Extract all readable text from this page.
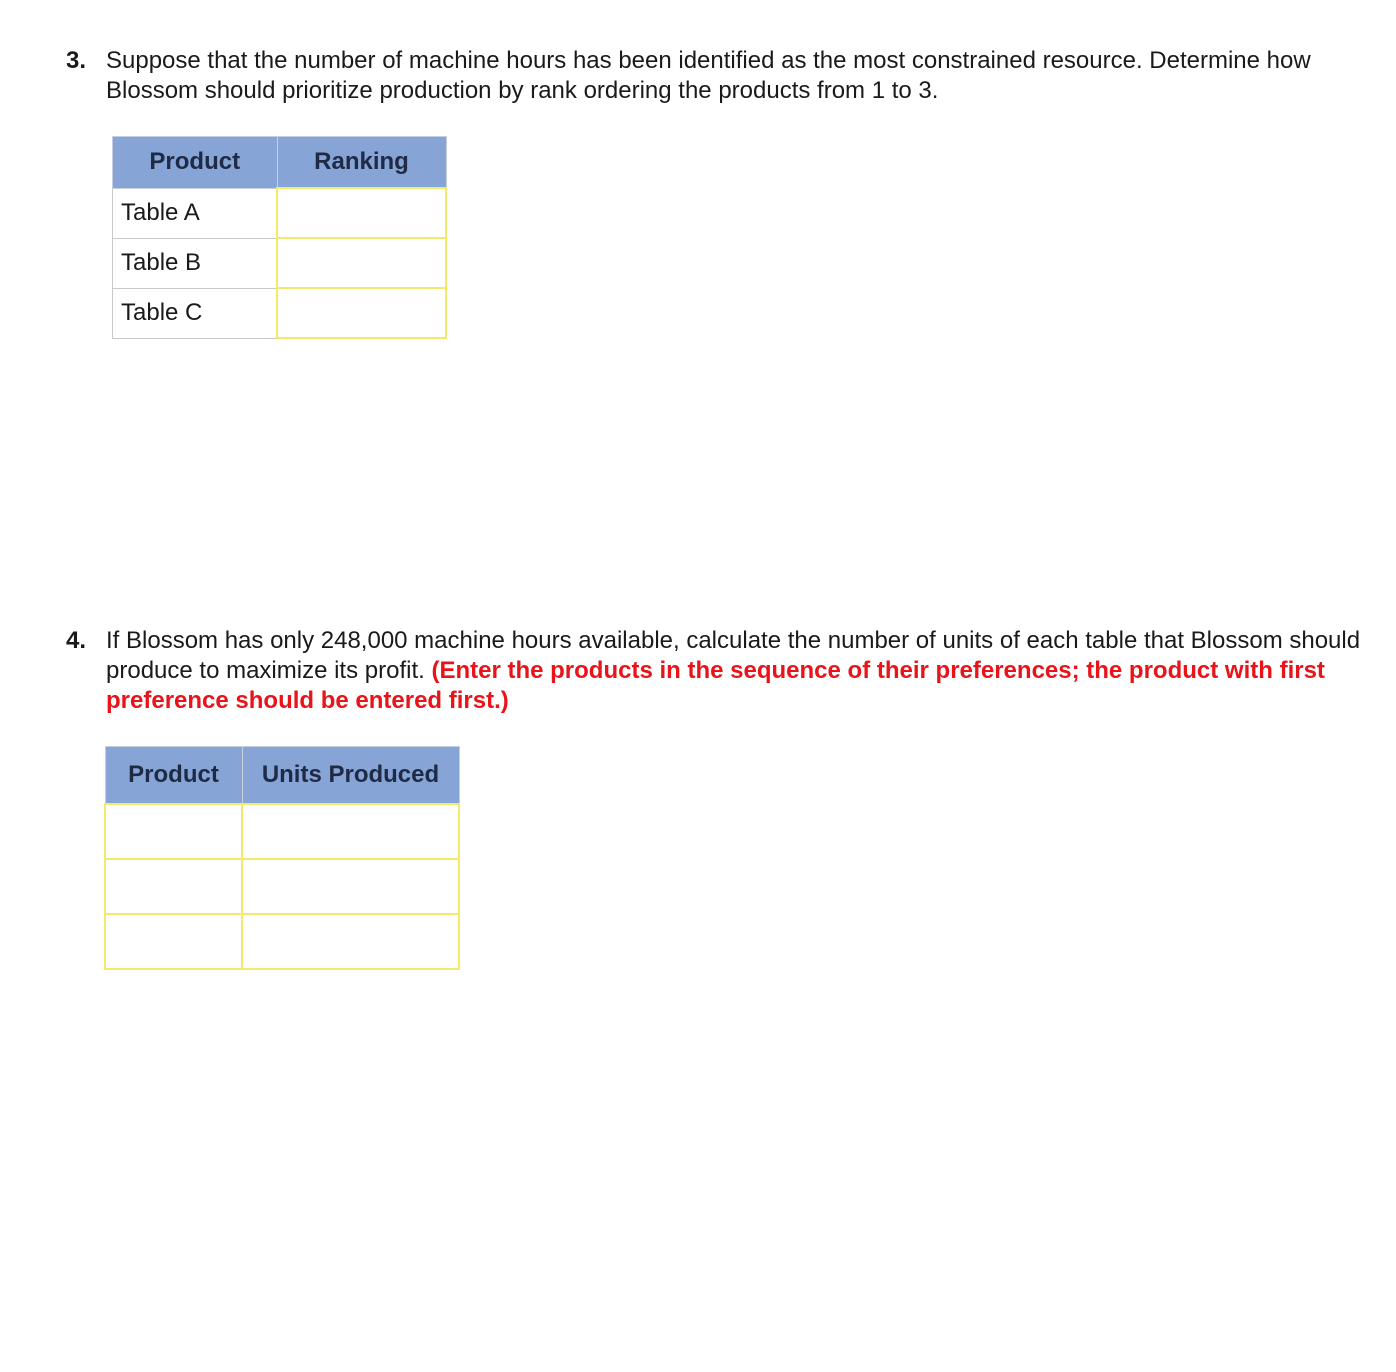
3. Suppose that the number of machine hours has been identified as the most constrained resource. Determine how Blossom should prioritize production by rank ordering the products from 1 to 3.
Product	Ranking
Table A	
Table B	
Table C	
4. If Blossom has only 248,000 machine hours available, calculate the number of units of each table that Blossom should produce to maximize its profit. (Enter the products in the sequence of their preferences; the product with first preference should be entered first.)
Product	Units Produced
